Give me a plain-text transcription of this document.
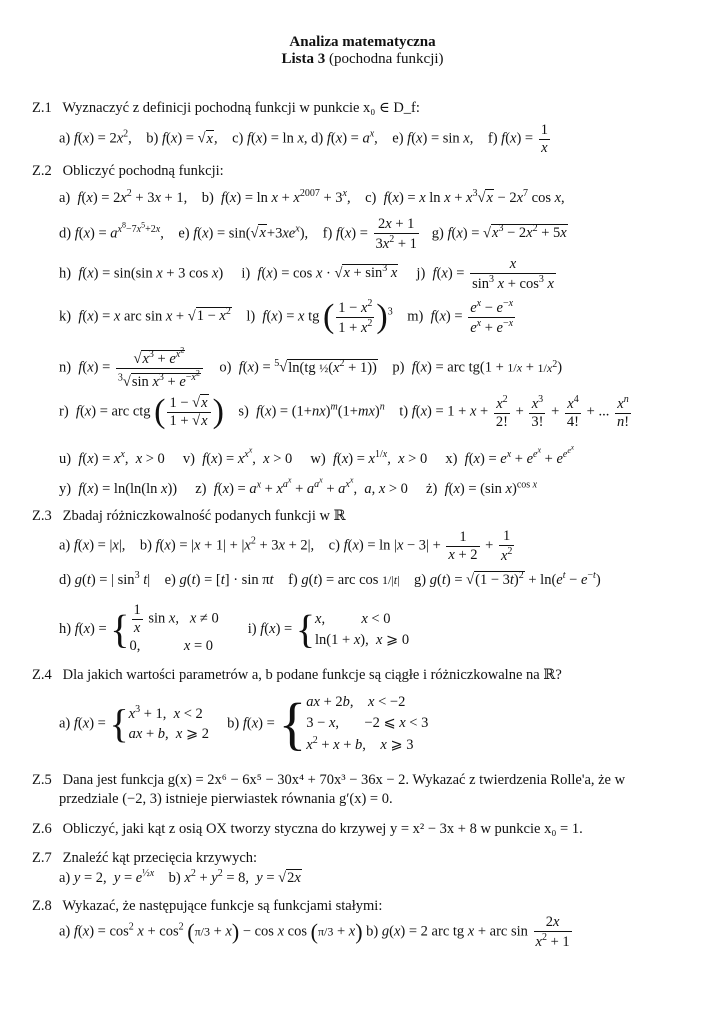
Analiza matematyczna
Lista 3 (pochodna funkcji)
Z.1 Wyznaczyć z definicji pochodną funkcji w punkcie x₀ ∈ D_f:
a) $f(x) = 2x^2$,    b) f(x) = √x,    c) f(x) = ln x, d) $f(x) = a^x$,    e) f(x) = sin x,    f) $f(x) = \frac{1}{x}$
Z.2 Obliczyć pochodną funkcji:
a)  $f(x) = 2x^2 + 3x + 1$,    b)  $f(x) = \ln x + x^{2007} + 3^x$,    c)  f(x) = x $\ln x + x^3√x - 2x^7$ cos x,
d) $f(x) = a^{x^8-7x^5+2x}$,    e) $f(x) = \sin(√x+3xe^x)$,    f) $f(x) = \frac{2x + 1}{3x^2 + 1} g$) $f(x) = √x^3 - 2x^2 + 5x$
h)  f(x) = sin(sin x + 3 cos x)     i)  $f(x) = \cos x \cdot √x + \sin^3 x$     j)  $f(x) = \frac{x}{\sin^3 x + \cos^3 x}$
k)  f(x) = x arc $\sin x + √1 - x^2$    l)  f(x) = x tg ( $\frac{1 - x^2}{1 + x^2} )^3$    m)  $f(x) = \frac{e^x - e^{-x}}{e^x + e^{-x}}$
n)  $f(x) = \frac{√x^3 + e^{x^2}}{^3√\sin x^3 + e^{-x^2}} o$)  f(x) = $^5$√ln(tg $\frac{1}{2}(x^2 + 1)$)    p)  f(x) = arc $tg(1 + 1/x + 1/x^2)$
r)  f(x) = arc ctg ( $\frac{1 - √x}{1 + √x}$ )    s)  $f(x) = (1+nx)^m(1+mx)^n$    t) $f(x) = 1 + x + \frac{x^2}{2!} + \frac{x^3}{3!} + \frac{x^4}{4!}$ + ... $\frac{x^n}{n!}$
u)  $f(x) = x^x$,  x > 0     v)  $f(x) = x^{x^x}$,  x > 0     w)  $f(x) = x^{1/x}$,  x > 0     x)  $f(x) = e^x + e^{e^x} + e^{e^{e^x}}$
y)  f(x) = ln(ln(ln x))     z)  $f(x) = a^x + x^{a^x} + a^{a^x} + a^{x^x}$,  a, x > 0     ż)  f(x) = (sin x)$^{cos x}$
Z.3 Zbadaj różniczkowalność podanych funkcji w ℝ
a) f(x) = |x|,    b) $f(x) = |x + 1| + |x^2 + 3x + 2|$,    c) $f(x) = \ln |x - 3| + \frac{1}{x + 2} + \frac{1}{x^2}$
d) g(t) = | $\sin^3 t|$    e) g(t) = [t] · sin πt    f) g(t) = arc cos 1/|t|    g) $g(t) = √(1 - 3t)^2 + \ln(e^t - e^{-t})$
h) f(x) = { $\frac{1}{x}$ sin x,   x ≠ 0
0,            x = 0
i) f(x) = { x,          x < 0
ln(1 + x),  x ⩾ 0
Z.4 Dla jakich wartości parametrów a, b podane funkcje są ciągłe i różniczkowalne na ℝ?
a) f(x) = { $x^3 + 1$,  x < 2
ax + b,  x ⩾ 2
b) f(x) = { ax + 2b,    x < −2
3 − x,       −2 ⩽ x < 3
$x^2 + x + b$,    x ⩾ 3
Z.5 Dana jest funkcja g(x) = 2x⁶ − 6x⁵ − 30x⁴ + 70x³ − 36x − 2. Wykazać z twierdzenia Rolle'a, że w
przedziale (−2, 3) istnieje pierwiastek równania g′(x) = 0.
Z.6 Obliczyć, jaki kąt z osią OX tworzy styczna do krzywej y = x² − 3x + 8 w punkcie x₀ = 1.
Z.7 Znaleźć kąt przecięcia krzywych:
a) y = 2,  $y = e^{\frac{1}{2}x}$    b) $x^2 + y^2 = 8$,  y = √2x
Z.8 Wykazać, że następujące funkcje są funkcjami stałymi:
a) $f(x) = \cos^2 x + \cos^2 (\pi/3 + x) - \cos x$ cos (π/3 + x) b) g(x) = 2 arc tg x + arc $\sin \frac{2x}{x^2 + 1}$
